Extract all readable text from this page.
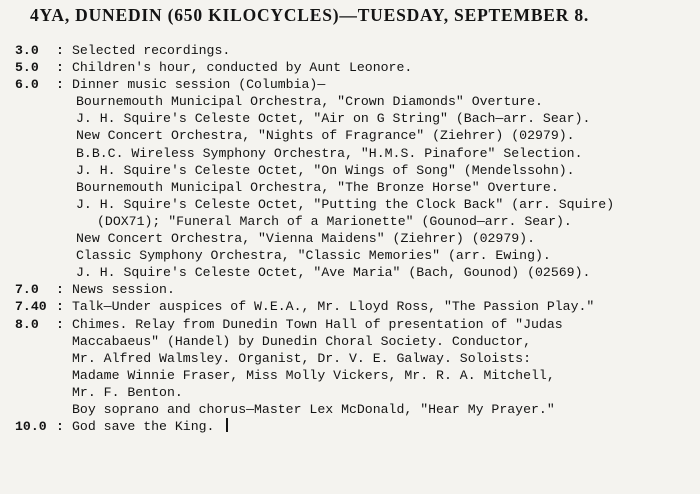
4YA, DUNEDIN (650 KILOCYCLES)—TUESDAY, SEPTEMBER 8.
3.0	: Selected recordings.
5.0	: Children's hour, conducted by Aunt Leonore.
6.0	: Dinner music session (Columbia)—
Bournemouth Municipal Orchestra, "Crown Diamonds" Overture.
J. H. Squire's Celeste Octet, "Air on G String" (Bach—arr. Sear).
New Concert Orchestra, "Nights of Fragrance" (Ziehrer) (02979).
B.B.C. Wireless Symphony Orchestra, "H.M.S. Pinafore" Selection.
J. H. Squire's Celeste Octet, "On Wings of Song" (Mendelssohn).
Bournemouth Municipal Orchestra, "The Bronze Horse" Overture.
J. H. Squire's Celeste Octet, "Putting the Clock Back" (arr. Squire)
(DOX71); "Funeral March of a Marionette" (Gounod—arr. Sear).
New Concert Orchestra, "Vienna Maidens" (Ziehrer) (02979).
Classic Symphony Orchestra, "Classic Memories" (arr. Ewing).
J. H. Squire's Celeste Octet, "Ave Maria" (Bach, Gounod) (02569).
7.0	: News session.
7.40 : Talk—Under auspices of W.E.A., Mr. Lloyd Ross, "The Passion Play."
8.0	: Chimes. Relay from Dunedin Town Hall of presentation of "Judas
Maccabaeus" (Handel) by Dunedin Choral Society. Conductor,
Mr. Alfred Walmsley. Organist, Dr. V. E. Galway. Soloists:
Madame Winnie Fraser, Miss Molly Vickers, Mr. R. A. Mitchell,
Mr. F. Benton.
Boy soprano and chorus—Master Lex McDonald, "Hear My Prayer."
10.0 : God save the King.
